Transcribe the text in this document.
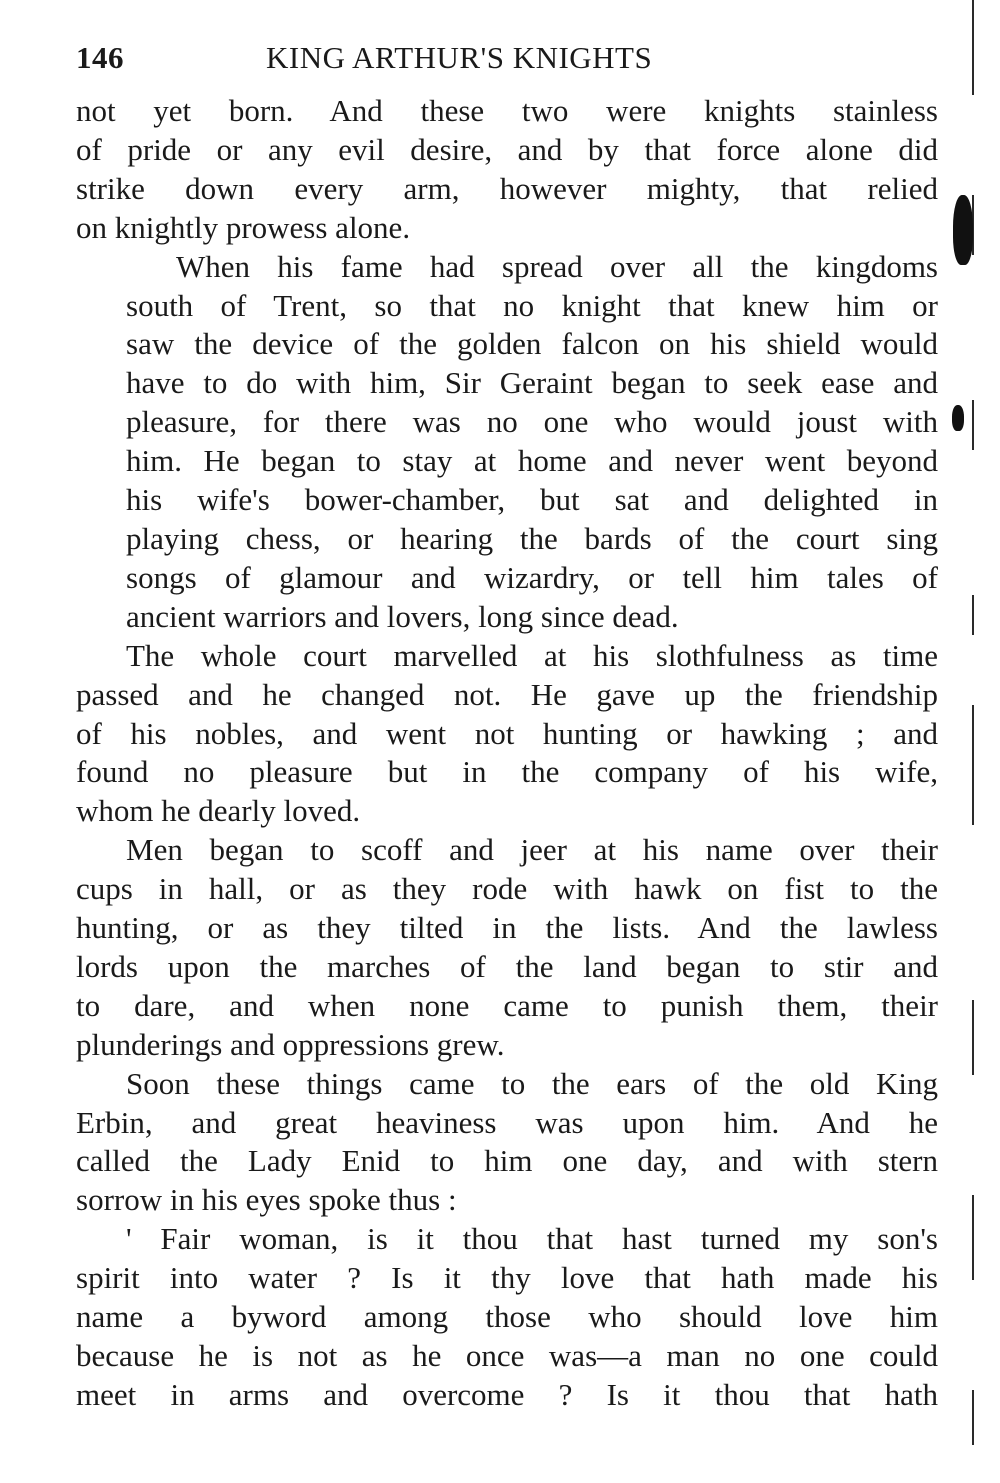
146	KING ARTHUR'S KNIGHTS

not yet born. And these two were knights stainless
of pride or any evil desire, and by that force alone did
strike down every arm, however mighty, that relied
on knightly prowess alone.

When his fame had spread over all the kingdoms
south of Trent, so that no knight that knew him or
saw the device of the golden falcon on his shield would
have to do with him, Sir Geraint began to seek ease and
pleasure, for there was no one who would joust with
him. He began to stay at home and never went beyond
his wife's bower-chamber, but sat and delighted in
playing chess, or hearing the bards of the court sing
songs of glamour and wizardry, or tell him tales of
ancient warriors and lovers, long since dead.

The whole court marvelled at his slothfulness as time
passed and he changed not. He gave up the friendship
of his nobles, and went not hunting or hawking ; and
found no pleasure but in the company of his wife,
whom he dearly loved.

Men began to scoff and jeer at his name over their
cups in hall, or as they rode with hawk on fist to the
hunting, or as they tilted in the lists. And the lawless
lords upon the marches of the land began to stir and
to dare, and when none came to punish them, their
plunderings and oppressions grew.

Soon these things came to the ears of the old King
Erbin, and great heaviness was upon him. And he
called the Lady Enid to him one day, and with stern
sorrow in his eyes spoke thus :

' Fair woman, is it thou that hast turned my son's
spirit into water ? Is it thy love that hath made his
name a byword among those who should love him
because he is not as he once was—a man no one could
meet in arms and overcome ? Is it thou that hath
